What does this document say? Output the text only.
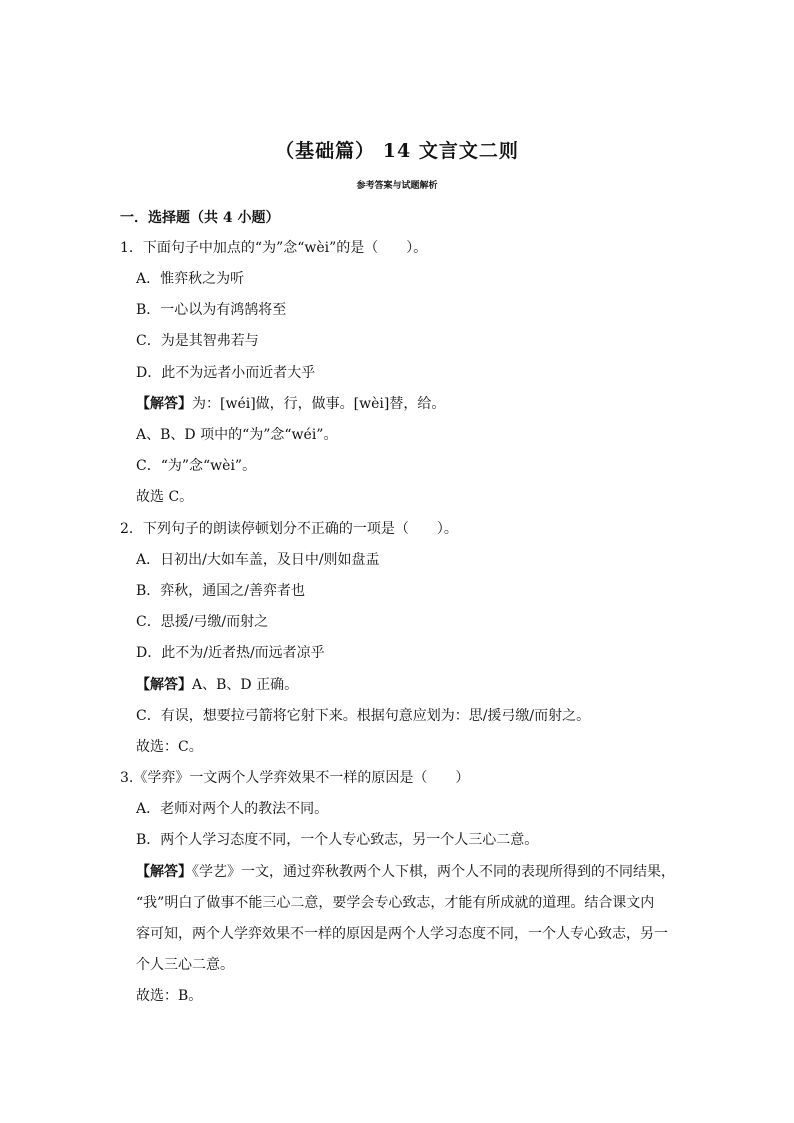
（基础篇） 14 文言文二则
参考答案与试题解析
一．选择题（共 4 小题）
1．下面句子中加点的“为”念“wèi”的是（　　）。
A．惟弈秋之为听
B．一心以为有鸿鹄将至
C．为是其智弗若与
D．此不为远者小而近者大乎
【解答】为：[wéi]做，行，做事。[wèi]替，给。
A、B、D 项中的“为”念“wéi”。
C．“为”念“wèi”。
故选 C。
2．下列句子的朗读停顿划分不正确的一项是（　　）。
A．日初出/大如车盖，及日中/则如盘盂
B．弈秋，通国之/善弈者也
C．思援/弓缴/而射之
D．此不为/近者热/而远者凉乎
【解答】A、B、D 正确。
C．有误，想要拉弓箭将它射下来。根据句意应划为：思/援弓缴/而射之。
故选：C。
3.《学弈》一文两个人学弈效果不一样的原因是（　　）
A．老师对两个人的教法不同。
B．两个人学习态度不同，一个人专心致志，另一个人三心二意。
【解答】《学艺》一文，通过弈秋教两个人下棋，两个人不同的表现所得到的不同结果，
“我”明白了做事不能三心二意，要学会专心致志，才能有所成就的道理。结合课文内
容可知，两个人学弈效果不一样的原因是两个人学习态度不同，一个人专心致志，另一
个人三心二意。
故选：B。
